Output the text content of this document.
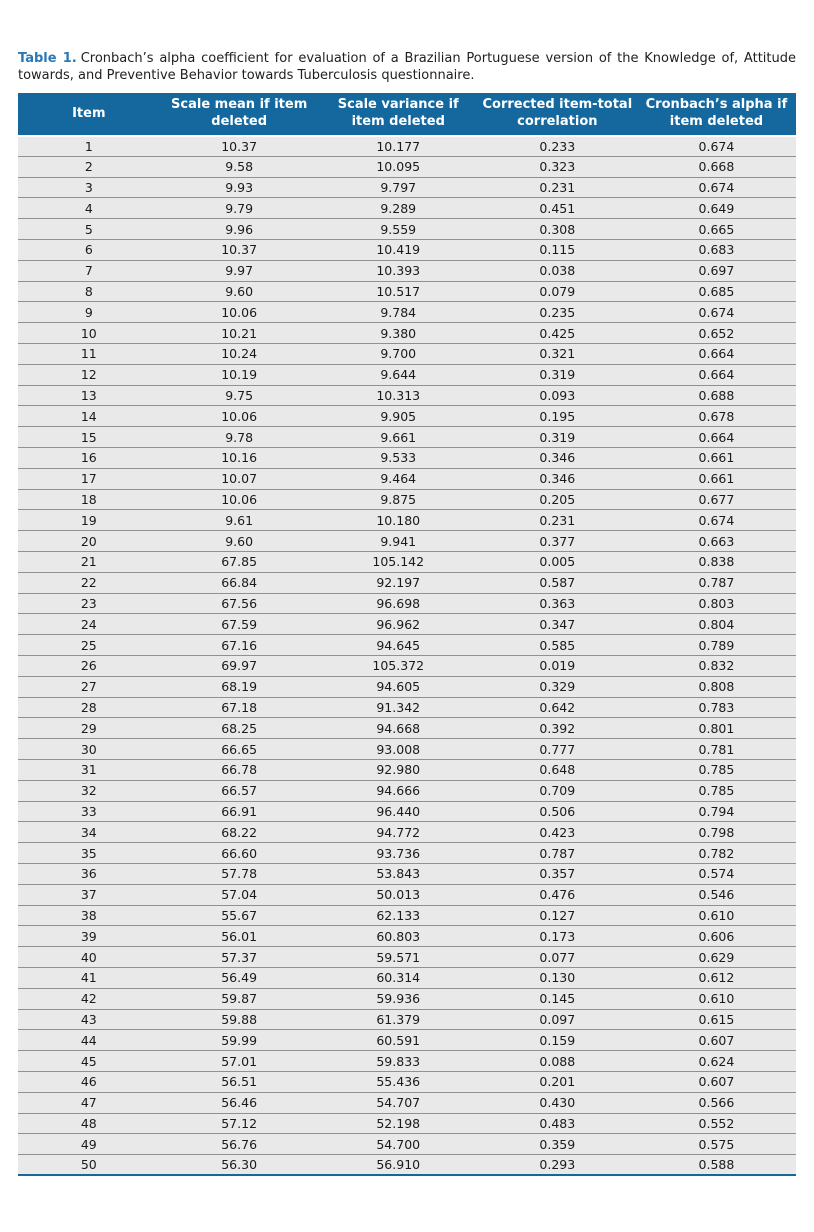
Table 1. Cronbach’s alpha coefficient for evaluation of a Brazilian Portuguese version of the Knowledge of, Attitude towards, and Preventive Behavior towards Tuberculosis questionnaire.

Item	Scale mean if item deleted	Scale variance if item deleted	Corrected item-total correlation	Cronbach’s alpha if item deleted
1	10.37	10.177	0.233	0.674
2	9.58	10.095	0.323	0.668
3	9.93	9.797	0.231	0.674
4	9.79	9.289	0.451	0.649
5	9.96	9.559	0.308	0.665
6	10.37	10.419	0.115	0.683
7	9.97	10.393	0.038	0.697
8	9.60	10.517	0.079	0.685
9	10.06	9.784	0.235	0.674
10	10.21	9.380	0.425	0.652
11	10.24	9.700	0.321	0.664
12	10.19	9.644	0.319	0.664
13	9.75	10.313	0.093	0.688
14	10.06	9.905	0.195	0.678
15	9.78	9.661	0.319	0.664
16	10.16	9.533	0.346	0.661
17	10.07	9.464	0.346	0.661
18	10.06	9.875	0.205	0.677
19	9.61	10.180	0.231	0.674
20	9.60	9.941	0.377	0.663
21	67.85	105.142	0.005	0.838
22	66.84	92.197	0.587	0.787
23	67.56	96.698	0.363	0.803
24	67.59	96.962	0.347	0.804
25	67.16	94.645	0.585	0.789
26	69.97	105.372	0.019	0.832
27	68.19	94.605	0.329	0.808
28	67.18	91.342	0.642	0.783
29	68.25	94.668	0.392	0.801
30	66.65	93.008	0.777	0.781
31	66.78	92.980	0.648	0.785
32	66.57	94.666	0.709	0.785
33	66.91	96.440	0.506	0.794
34	68.22	94.772	0.423	0.798
35	66.60	93.736	0.787	0.782
36	57.78	53.843	0.357	0.574
37	57.04	50.013	0.476	0.546
38	55.67	62.133	0.127	0.610
39	56.01	60.803	0.173	0.606
40	57.37	59.571	0.077	0.629
41	56.49	60.314	0.130	0.612
42	59.87	59.936	0.145	0.610
43	59.88	61.379	0.097	0.615
44	59.99	60.591	0.159	0.607
45	57.01	59.833	0.088	0.624
46	56.51	55.436	0.201	0.607
47	56.46	54.707	0.430	0.566
48	57.12	52.198	0.483	0.552
49	56.76	54.700	0.359	0.575
50	56.30	56.910	0.293	0.588
